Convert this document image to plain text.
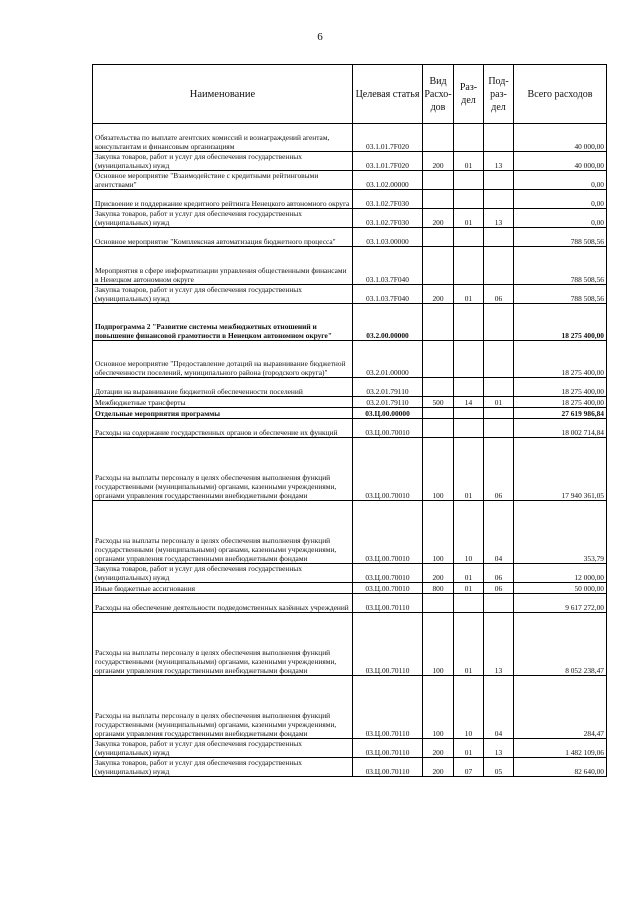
6
Наименование	Целевая статья	Вид Расхо-дов	Раз-дел	Под-раз-дел	Всего расходов
Обязательства по выплате агентских комиссий и вознаграждений агентам, консультантам и финансовым организациям	03.1.01.7F020				40 000,00
Закупка товаров, работ и услуг для обеспечения государственных (муниципальных) нужд	03.1.01.7F020	200	01	13	40 000,00
Основное мероприятие "Взаимодействие с кредитными рейтинговыми агентствами"	03.1.02.00000				0,00
Присвоение и поддержание кредитного рейтинга Ненецкого автономного округа	03.1.02.7F030				0,00
Закупка товаров, работ и услуг для обеспечения государственных (муниципальных) нужд	03.1.02.7F030	200	01	13	0,00
Основное мероприятие "Комплексная автоматизация бюджетного процесса"	03.1.03.00000				788 508,56
Мероприятия в сфере информатизации управления общественными финансами в Ненецком автономном округе	03.1.03.7F040				788 508,56
Закупка товаров, работ и услуг для обеспечения государственных (муниципальных) нужд	03.1.03.7F040	200	01	06	788 508,56
Подпрограмма 2 "Развитие системы межбюджетных отношений и повышение финансовой грамотности в Ненецком автономном округе"	03.2.00.00000				18 275 400,00
Основное мероприятие "Предоставление дотаций на выравнивание бюджетной обеспеченности поселений, муниципального района (городского округа)"	03.2.01.00000				18 275 400,00
Дотации на выравнивание бюджетной обеспеченности поселений	03.2.01.79110				18 275 400,00
Межбюджетные трансферты	03.2.01.79110	500	14	01	18 275 400,00
Отдельные мероприятия программы	03.Ц.00.00000				27 619 986,84
Расходы на содержание государственных органов и обеспечение их функций	03.Ц.00.70010				18 002 714,84
Расходы на выплаты персоналу в целях обеспечения выполнения функций государственными (муниципальными) органами, казенными учреждениями, органами управления государственными внебюджетными фондами	03.Ц.00.70010	100	01	06	17 940 361,05
Расходы на выплаты персоналу в целях обеспечения выполнения функций государственными (муниципальными) органами, казенными учреждениями, органами управления государственными внебюджетными фондами	03.Ц.00.70010	100	10	04	353,79
Закупка товаров, работ и услуг для обеспечения государственных (муниципальных) нужд	03.Ц.00.70010	200	01	06	12 000,00
Иные бюджетные ассигнования	03.Ц.00.70010	800	01	06	50 000,00
Расходы на обеспечение деятельности подведомственных казённых учреждений	03.Ц.00.70110				9 617 272,00
Расходы на выплаты персоналу в целях обеспечения выполнения функций государственными (муниципальными) органами, казенными учреждениями, органами управления государственными внебюджетными фондами	03.Ц.00.70110	100	01	13	8 052 238,47
Расходы на выплаты персоналу в целях обеспечения выполнения функций государственными (муниципальными) органами, казенными учреждениями, органами управления государственными внебюджетными фондами	03.Ц.00.70110	100	10	04	284,47
Закупка товаров, работ и услуг для обеспечения государственных (муниципальных) нужд	03.Ц.00.70110	200	01	13	1 482 109,06
Закупка товаров, работ и услуг для обеспечения государственных (муниципальных) нужд	03.Ц.00.70110	200	07	05	82 640,00
